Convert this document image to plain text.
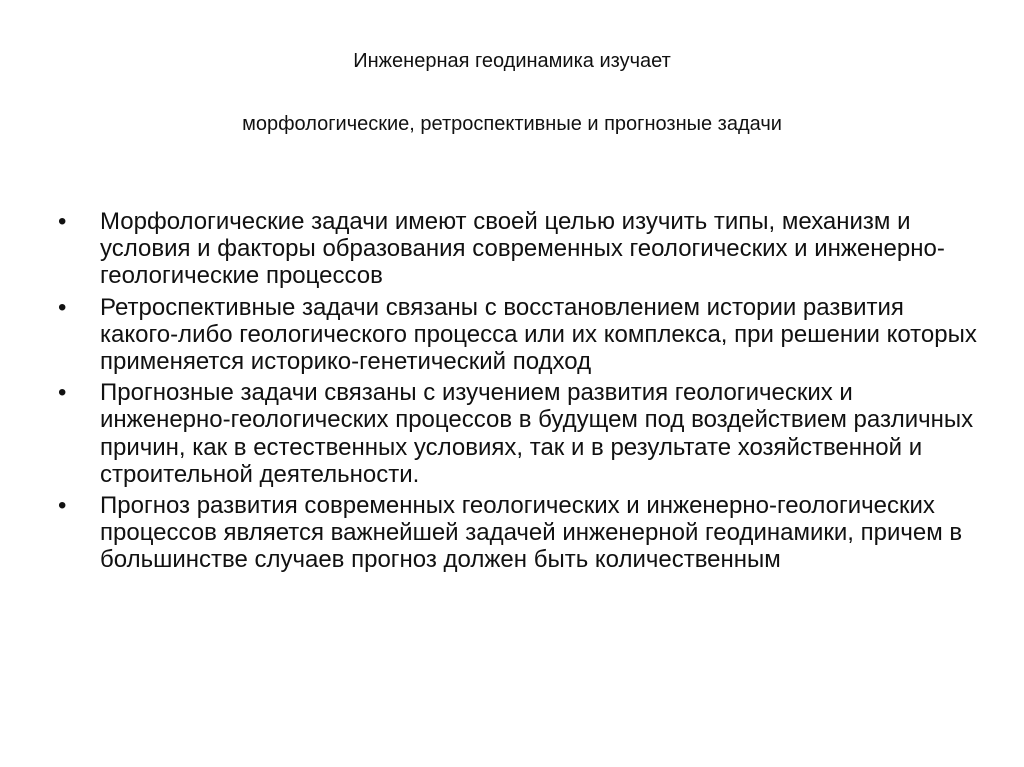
Инженерная геодинамика изучает
морфологические, ретроспективные и прогнозные задачи
• Морфологические задачи имеют своей целью изучить типы, механизм и условия и факторы образования современных геологических и инженерно-геологические процессов
• Ретроспективные задачи связаны с восстановлением истории развития какого-либо геологического процесса или их комплекса, при решении которых применяется историко-генетический подход
• Прогнозные задачи связаны с изучением развития геологических и инженерно-геологических процессов в будущем под воздействием различных причин, как в естественных условиях, так и в результате хозяйственной и строительной деятельности.
• Прогноз развития современных геологических и инженерно-геологических процессов является важнейшей задачей инженерной геодинамики, причем в большинстве случаев прогноз должен быть количественным
